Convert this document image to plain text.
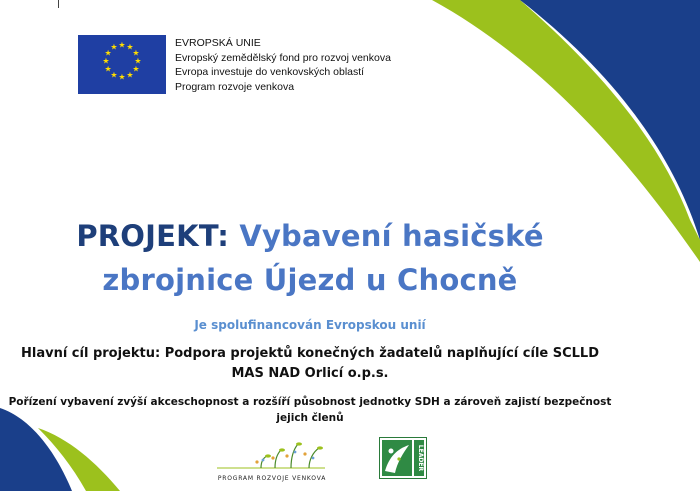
★ ★
★
★
★
★
★
★
★
★
★
★	EVROPSKÁ UNIE
Evropský zemědělský fond pro rozvoj venkova
Evropa investuje do venkovských oblastí
Program rozvoje venkova
PROJEKT: Vybavení hasičské
zbrojnice Újezd u Chocně
Je spolufinancován Evropskou unií
Hlavní cíl projektu: Podpora projektů konečných žadatelů naplňující cíle SCLLD
MAS NAD Orlicí o.p.s.
Pořízení vybavení zvýší akceschopnost a rozšíří působnost jednotky SDH a zároveň zajistí bezpečnost
jejich členů
PROGRAM ROZVOJE VENKOVA
LEADER
